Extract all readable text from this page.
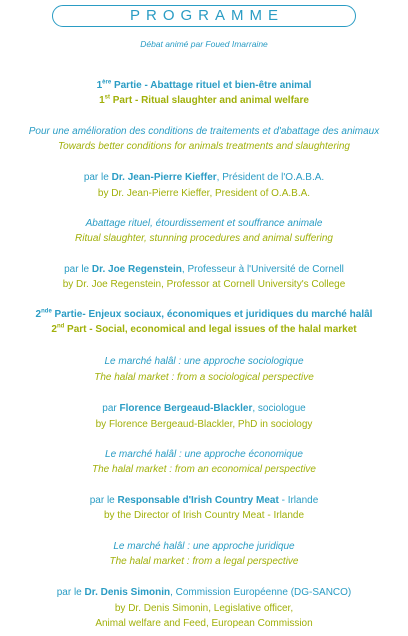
PROGRAMME
Débat animé par Foued Imarraine
1ère Partie - Abattage rituel et bien-être animal
1st Part - Ritual slaughter and animal welfare
Pour une amélioration des conditions de traitements et d'abattage des animaux
Towards better conditions for animals treatments and slaughtering
par le Dr. Jean-Pierre Kieffer, Président de l'O.A.B.A.
by Dr. Jean-Pierre Kieffer, President of O.A.B.A.
Abattage rituel, étourdissement et souffrance animale
Ritual slaughter, stunning procedures and animal suffering
par le Dr. Joe Regenstein, Professeur à l'Université de Cornell
by Dr. Joe Regenstein, Professor at Cornell University's College
2nde Partie- Enjeux sociaux, économiques et juridiques du marché halâl
2nd Part - Social, economical and legal issues of the halal market
Le marché halâl : une approche sociologique
The halal market : from a sociological perspective
par Florence Bergeaud-Blackler, sociologue
by Florence Bergeaud-Blackler, PhD in sociology
Le marché halâl : une approche économique
The halal market : from an economical perspective
par le Responsable d'Irish Country Meat - Irlande
by the Director of Irish Country Meat - Irlande
Le marché halâl : une approche juridique
The halal market : from a legal perspective
par le Dr. Denis Simonin, Commission Européenne (DG-SANCO)
by Dr. Denis Simonin, Legislative officer,
Animal welfare and Feed, European Commission
